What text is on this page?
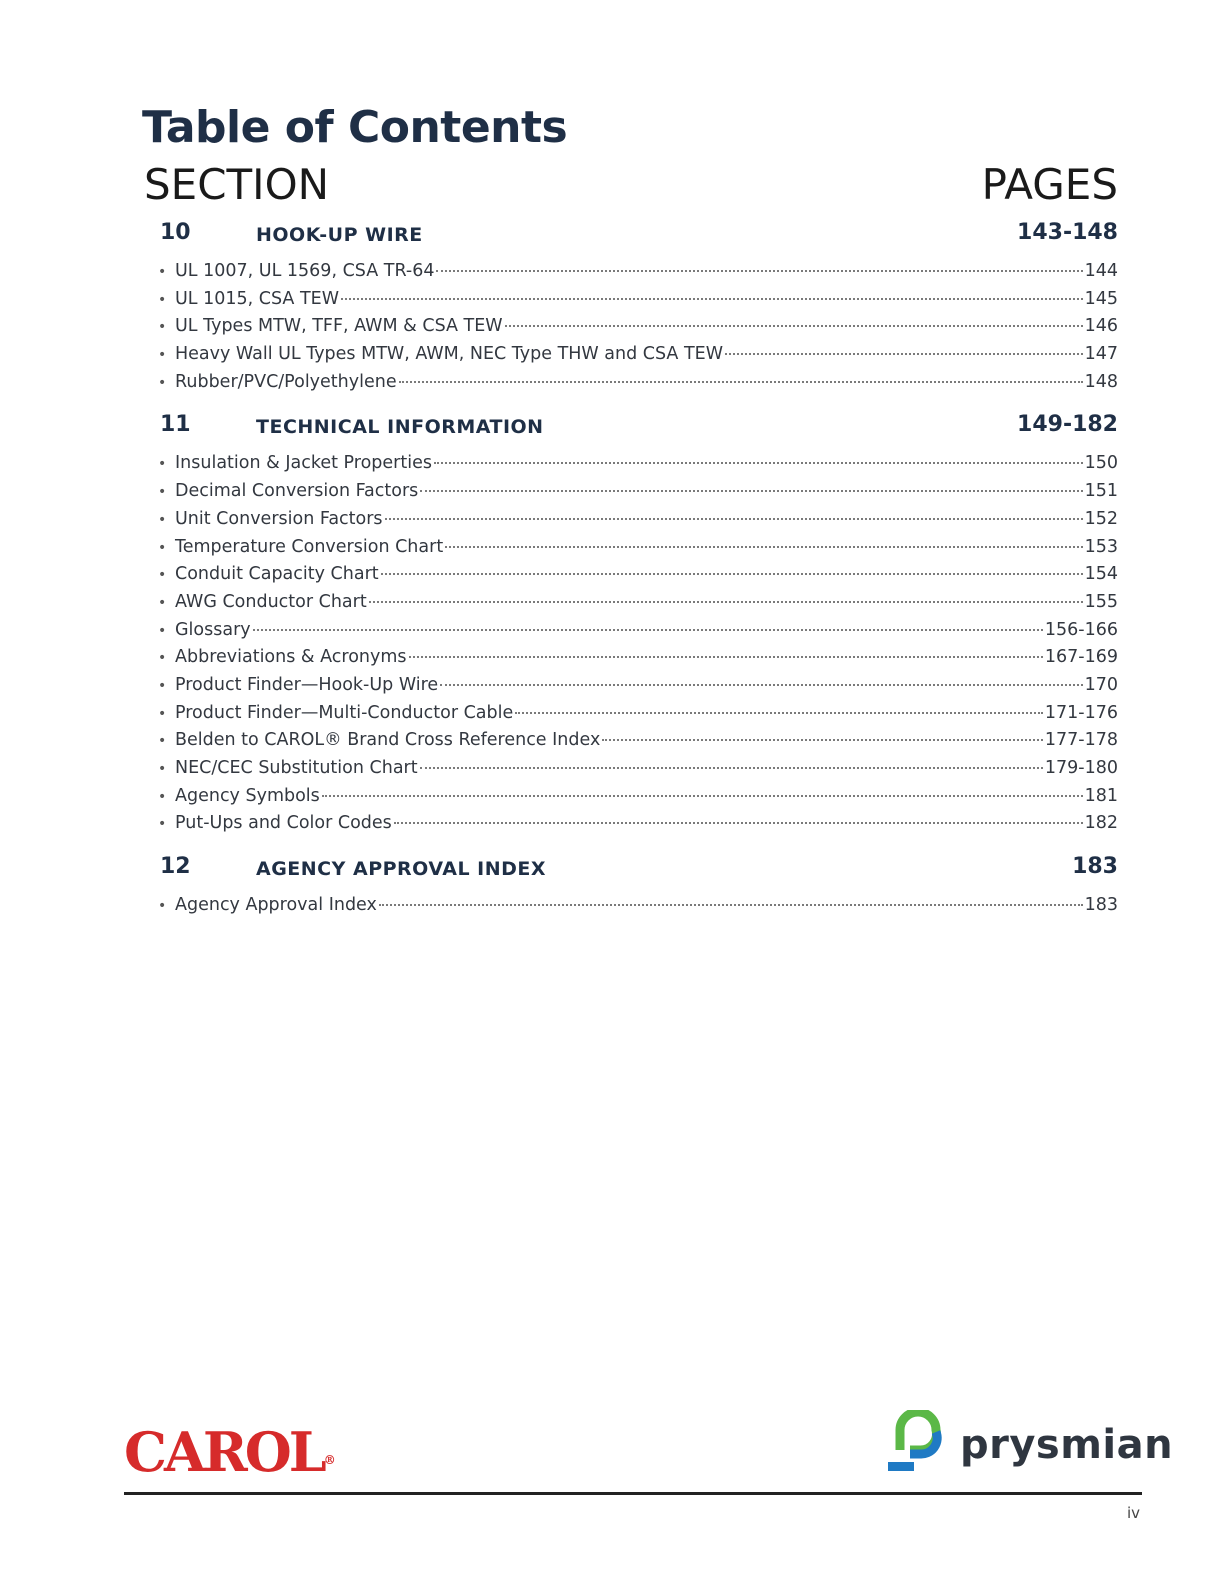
Table of Contents
SECTION	PAGES
10	HOOK-UP WIRE	143-148
• UL 1007, UL 1569, CSA TR-64	144
• UL 1015, CSA TEW	145
• UL Types MTW, TFF, AWM & CSA TEW	146
• Heavy Wall UL Types MTW, AWM, NEC Type THW and CSA TEW	147
• Rubber/PVC/Polyethylene	148
11	TECHNICAL INFORMATION	149-182
• Insulation & Jacket Properties	150
• Decimal Conversion Factors	151
• Unit Conversion Factors	152
• Temperature Conversion Chart	153
• Conduit Capacity Chart	154
• AWG Conductor Chart	155
• Glossary	156-166
• Abbreviations & Acronyms	167-169
• Product Finder—Hook-Up Wire	170
• Product Finder—Multi-Conductor Cable	171-176
• Belden to CAROL® Brand Cross Reference Index	177-178
• NEC/CEC Substitution Chart	179-180
• Agency Symbols	181
• Put-Ups and Color Codes	182
12	AGENCY APPROVAL INDEX	183
• Agency Approval Index	183
CAROL®	prysmian
iv
